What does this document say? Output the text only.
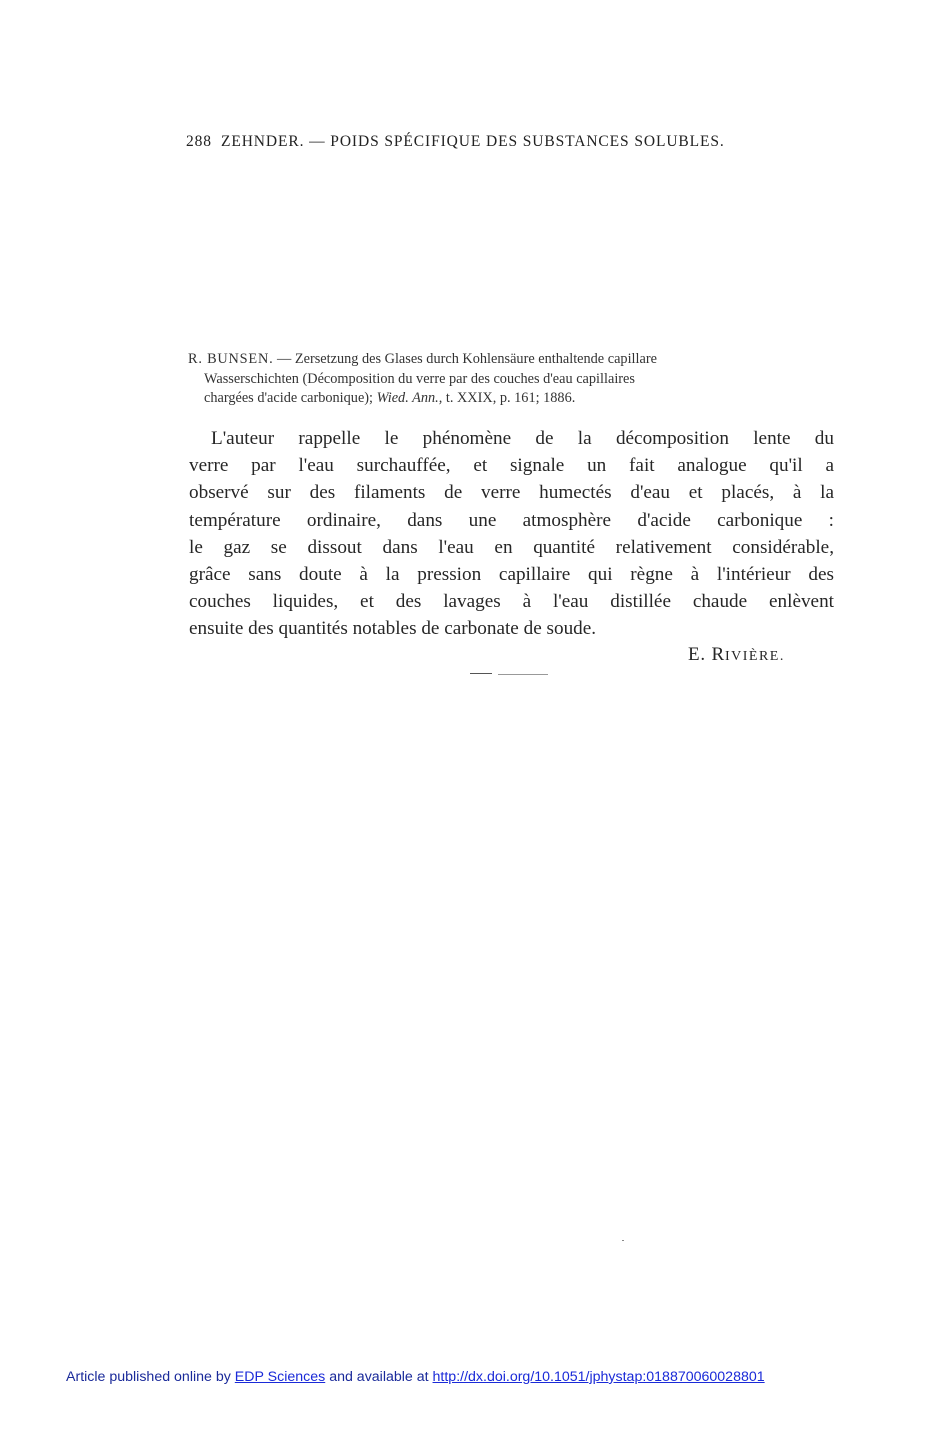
288 ZEHNDER. — POIDS SPÉCIFIQUE DES SUBSTANCES SOLUBLES.
R. BUNSEN. — Zersetzung des Glases durch Kohlensäure enthaltende capillare
Wasserschichten (Décomposition du verre par des couches d'eau capillaires
chargées d'acide carbonique); Wied. Ann., t. XXIX, p. 161; 1886.
L'auteur rappelle le phénomène de la décomposition lente du
verre par l'eau surchauffée, et signale un fait analogue qu'il a
observé sur des filaments de verre humectés d'eau et placés, à la
température ordinaire, dans une atmosphère d'acide carbonique :
le gaz se dissout dans l'eau en quantité relativement considérable,
grâce sans doute à la pression capillaire qui règne à l'intérieur des
couches liquides, et des lavages à l'eau distillée chaude enlèvent
ensuite des quantités notables de carbonate de soude.
E. RIVIÈRE.
Article published online by EDP Sciences and available at http://dx.doi.org/10.1051/jphystap:018870060028801
